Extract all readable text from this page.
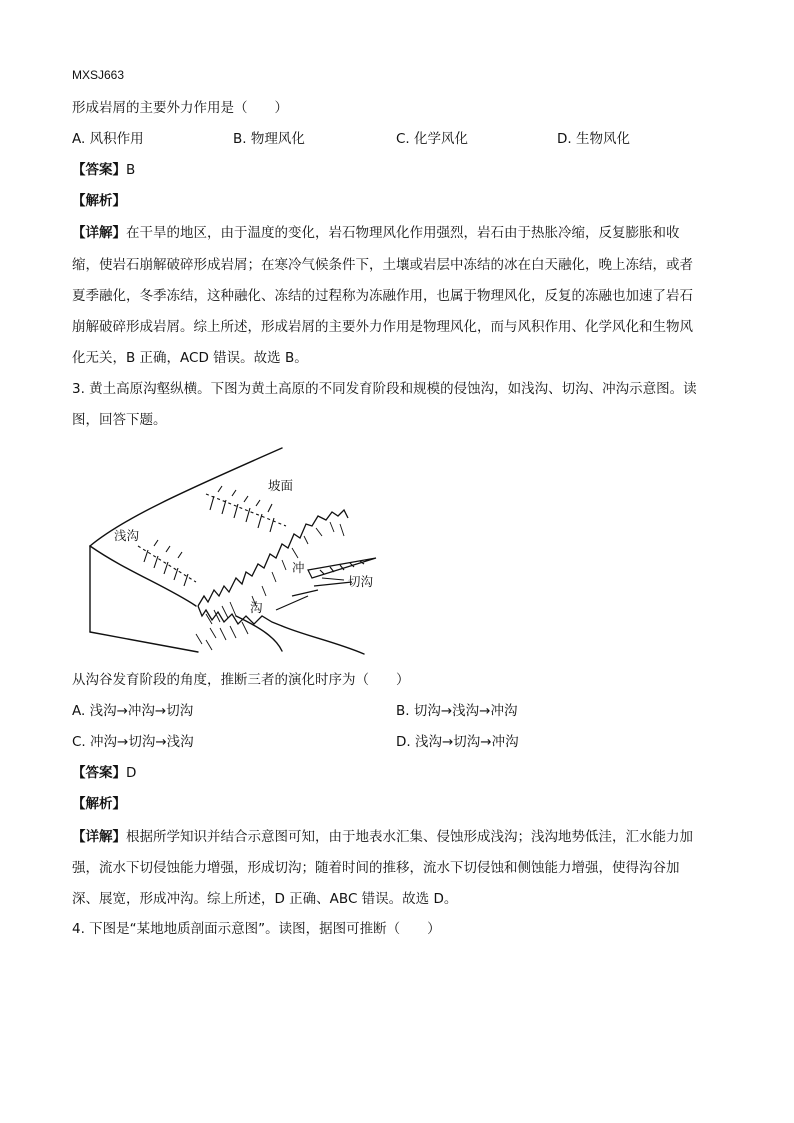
MXSJ663
形成岩屑的主要外力作用是（　　）
A. 风积作用	B. 物理风化	C. 化学风化	D. 生物风化
【答案】B
【解析】
【详解】在干旱的地区，由于温度的变化，岩石物理风化作用强烈，岩石由于热胀冷缩，反复膨胀和收
缩，使岩石崩解破碎形成岩屑；在寒冷气候条件下，土壤或岩层中冻结的冰在白天融化，晚上冻结，或者
夏季融化，冬季冻结，这种融化、冻结的过程称为冻融作用，也属于物理风化，反复的冻融也加速了岩石
崩解破碎形成岩屑。综上所述，形成岩屑的主要外力作用是物理风化，而与风积作用、化学风化和生物风
化无关，B 正确，ACD 错误。故选 B。
3. 黄土高原沟壑纵横。下图为黄土高原的不同发育阶段和规模的侵蚀沟，如浅沟、切沟、冲沟示意图。读
图，回答下题。
坡面
浅沟
冲
沟
切沟
从沟谷发育阶段的角度，推断三者的演化时序为（　　）
A. 浅沟→冲沟→切沟	B. 切沟→浅沟→冲沟
C. 冲沟→切沟→浅沟	D. 浅沟→切沟→冲沟
【答案】D
【解析】
【详解】根据所学知识并结合示意图可知，由于地表水汇集、侵蚀形成浅沟；浅沟地势低洼，汇水能力加
强，流水下切侵蚀能力增强，形成切沟；随着时间的推移，流水下切侵蚀和侧蚀能力增强，使得沟谷加
深、展宽，形成冲沟。综上所述，D 正确、ABC 错误。故选 D。
4. 下图是“某地地质剖面示意图”。读图，据图可推断（　　）
